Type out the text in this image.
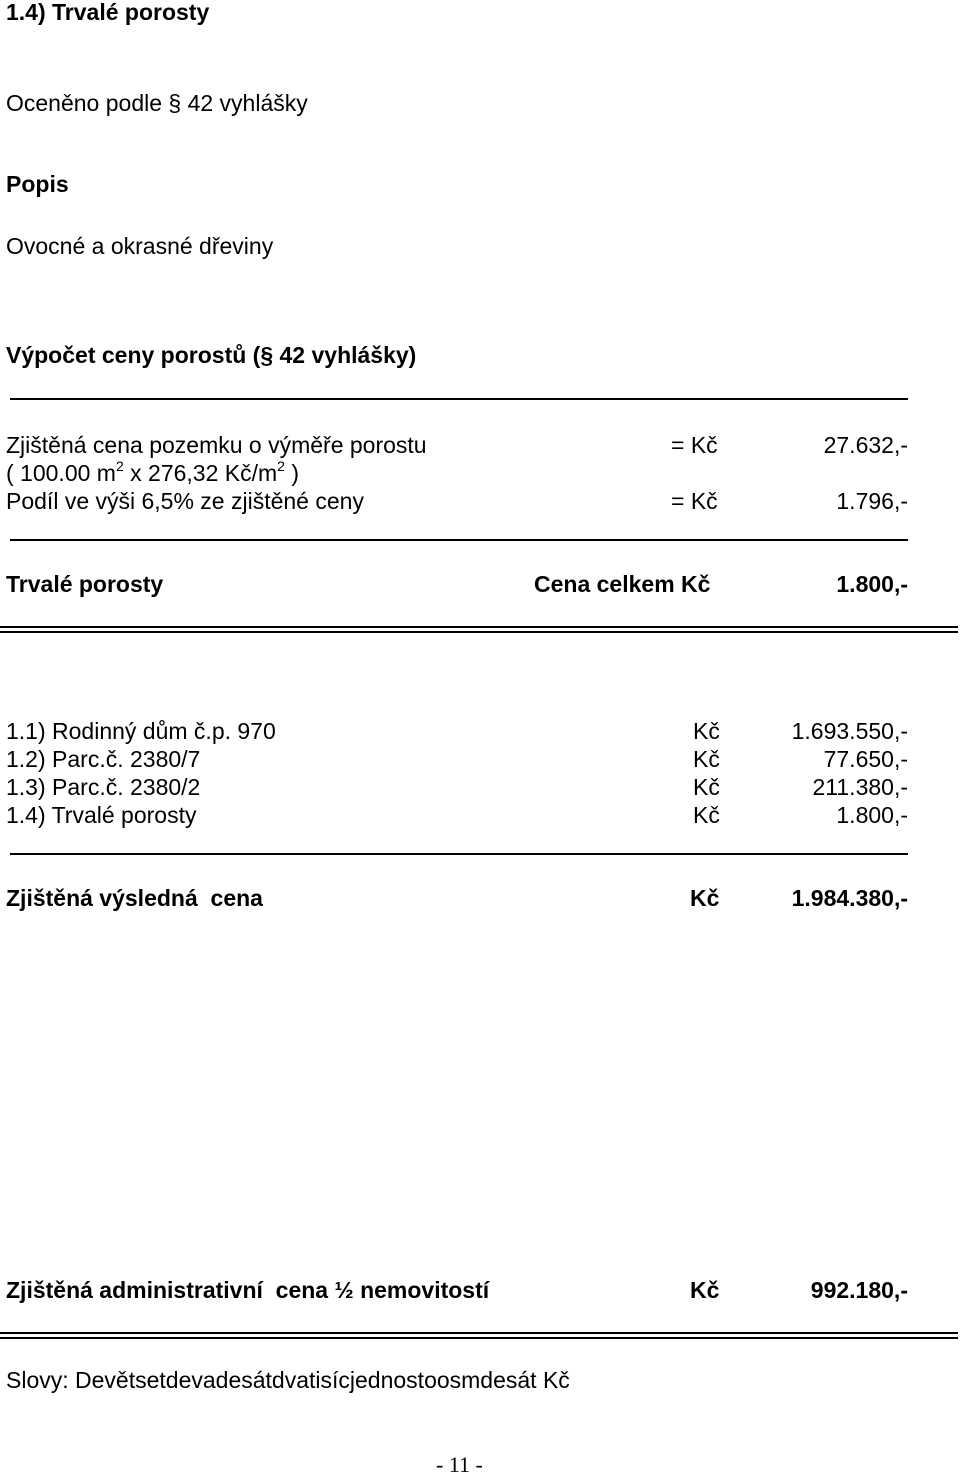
1.4) Trvalé porosty
Oceněno podle § 42 vyhlášky
Popis
Ovocné a okrasné dřeviny
Výpočet ceny porostů (§ 42 vyhlášky)
Zjištěná cena pozemku o výměře porostu	= Kč	27.632,-
( 100.00 $m^2$ x 276,32 $Kč/m^2$ )
Podíl ve výši 6,5% ze zjištěné ceny	= Kč	1.796,-
Trvalé porosty	Cena celkem Kč	1.800,-
1.1) Rodinný dům č.p. 970	Kč	1.693.550,-
1.2) Parc.č. 2380/7	Kč	77.650,-
1.3) Parc.č. 2380/2	Kč	211.380,-
1.4) Trvalé porosty	Kč	1.800,-
Zjištěná výsledná  cena	Kč	1.984.380,-
Zjištěná administrativní  cena ½ nemovitostí	Kč	992.180,-
Slovy: Devětsetdevadesátdvatisícjednostoosmdesát Kč
- 11 -
